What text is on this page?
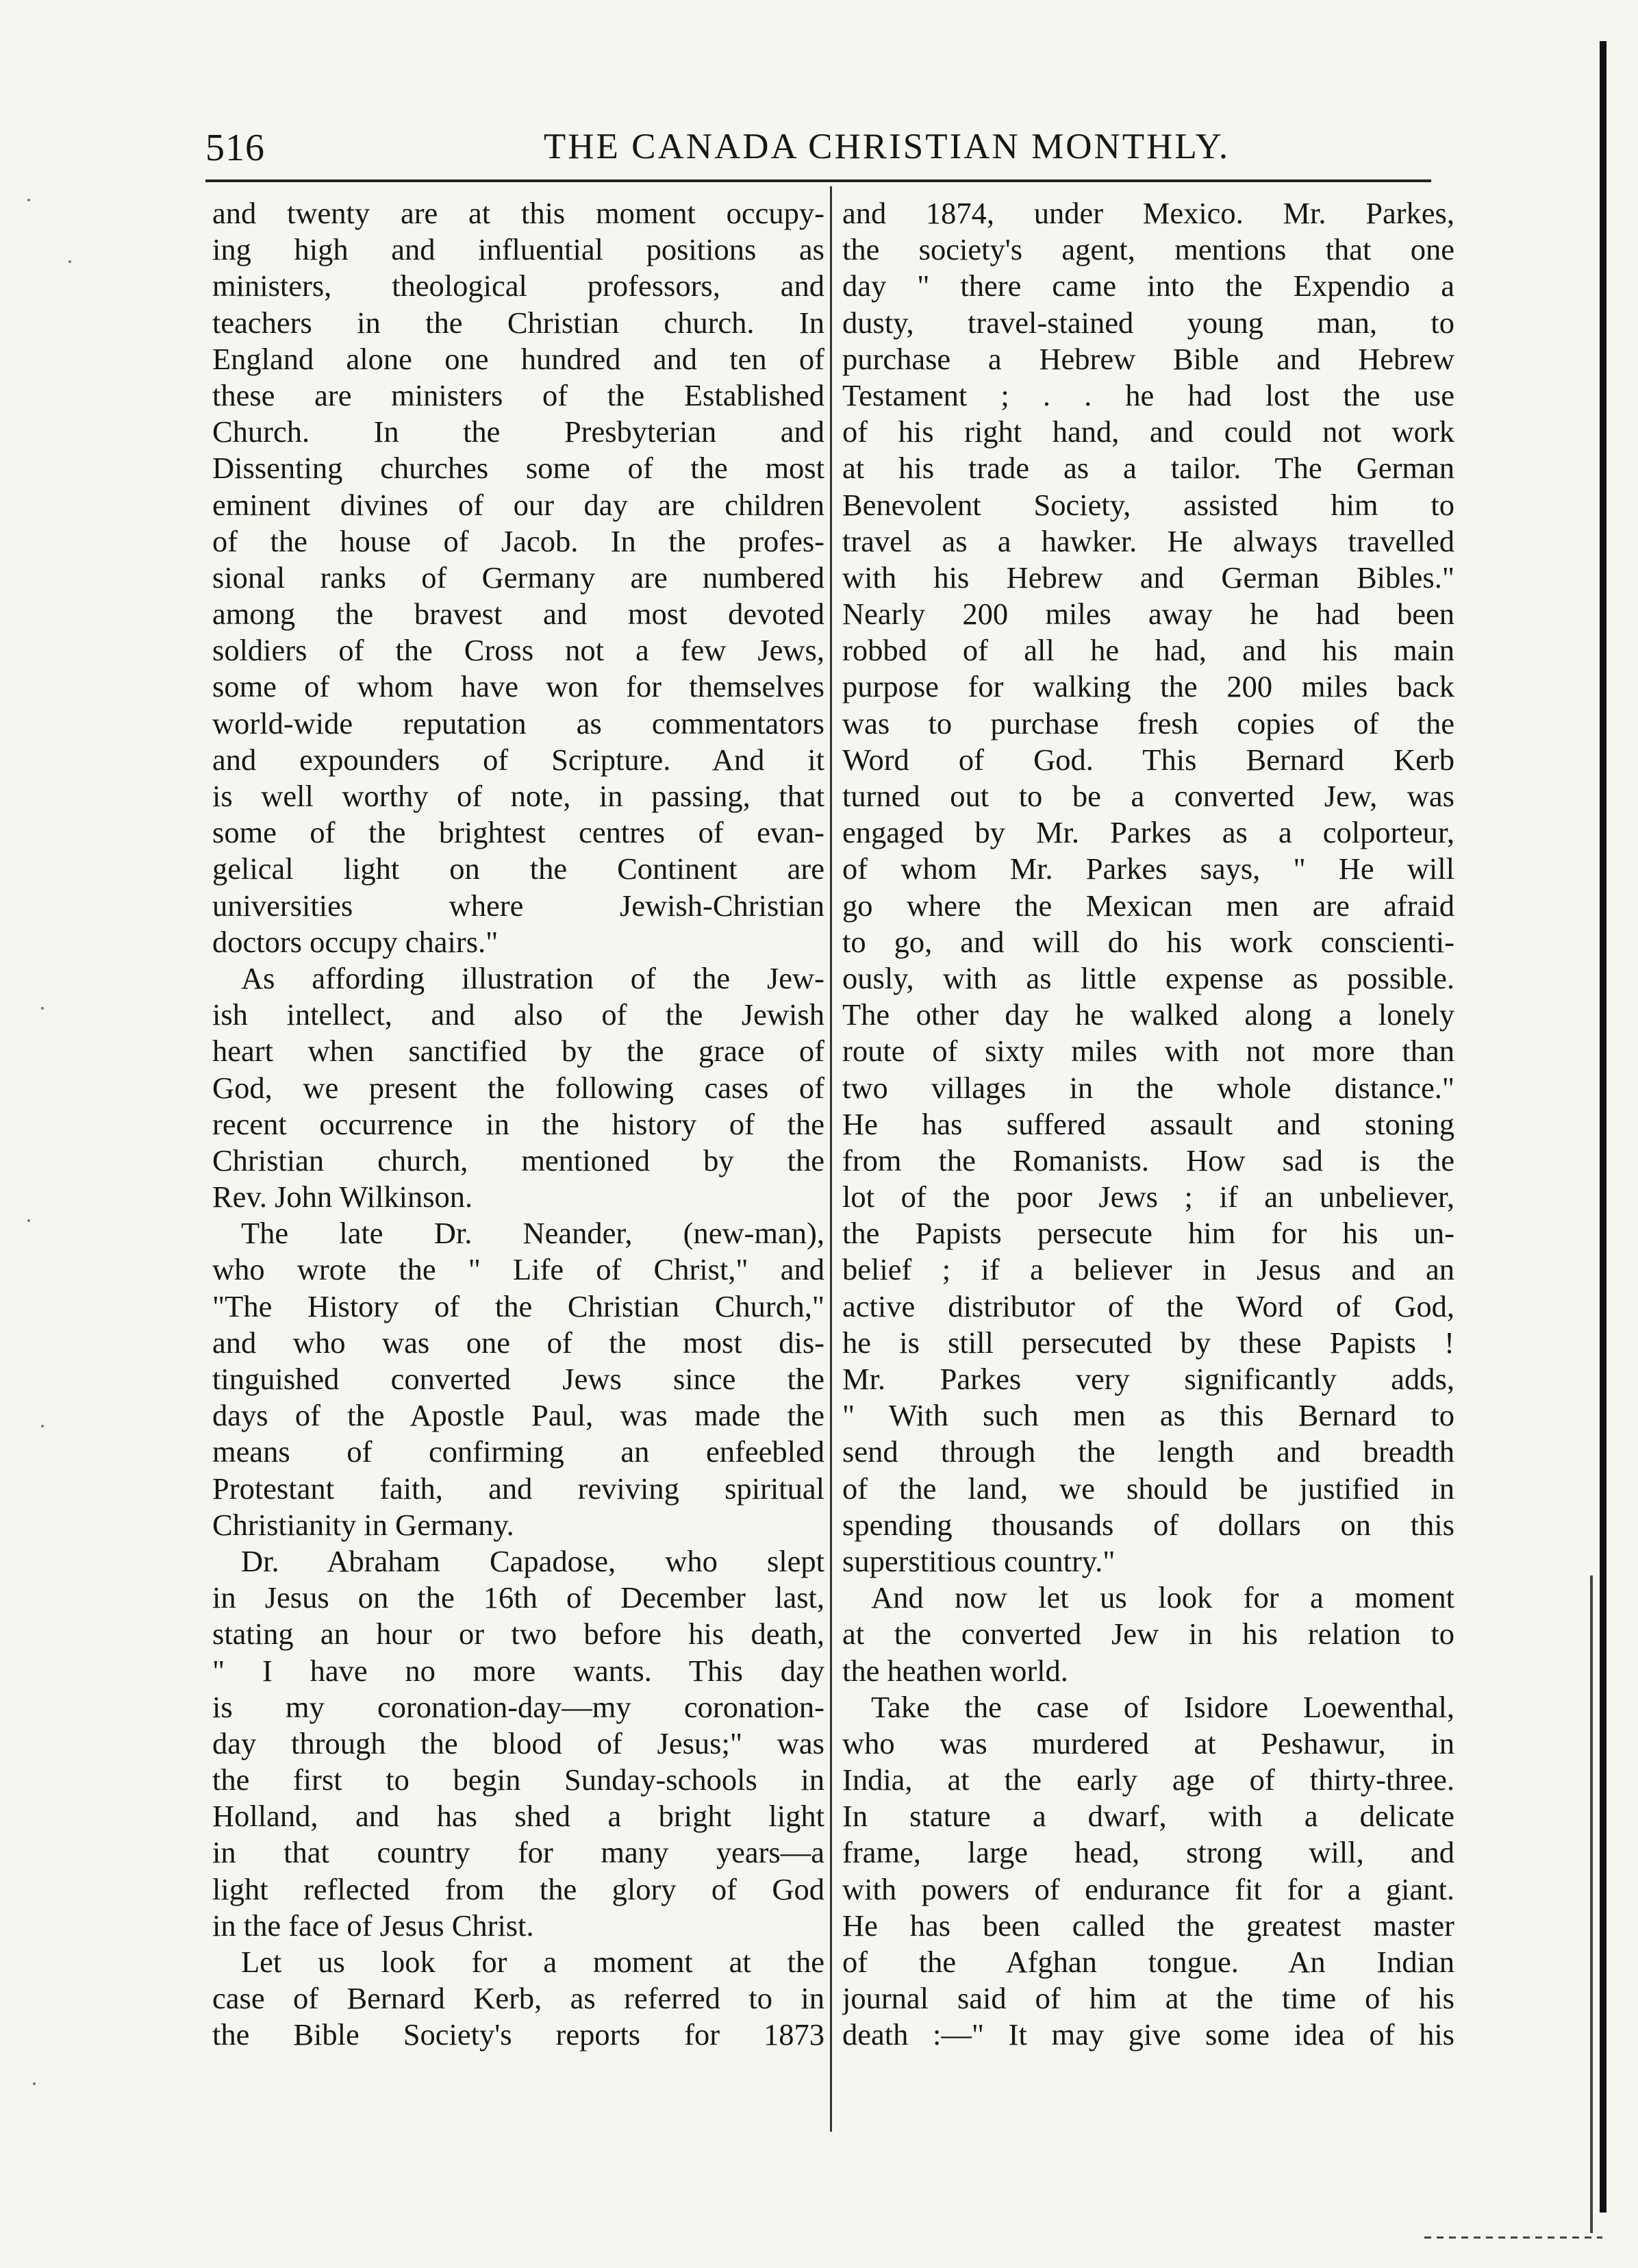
516	THE CANADA CHRISTIAN MONTHLY.
and twenty are at this moment occupy-
ing high and influential positions as
ministers, theological professors, and
teachers in the Christian church. In
England alone one hundred and ten of
these are ministers of the Established
Church. In the Presbyterian and
Dissenting churches some of the most
eminent divines of our day are children
of the house of Jacob. In the profes-
sional ranks of Germany are numbered
among the bravest and most devoted
soldiers of the Cross not a few Jews,
some of whom have won for themselves
world-wide reputation as commentators
and expounders of Scripture. And it
is well worthy of note, in passing, that
some of the brightest centres of evan-
gelical light on the Continent are
universities where Jewish-Christian
doctors occupy chairs."
As affording illustration of the Jew-
ish intellect, and also of the Jewish
heart when sanctified by the grace of
God, we present the following cases of
recent occurrence in the history of the
Christian church, mentioned by the
Rev. John Wilkinson.
The late Dr. Neander, (new-man),
who wrote the " Life of Christ," and
"The History of the Christian Church,"
and who was one of the most dis-
tinguished converted Jews since the
days of the Apostle Paul, was made the
means of confirming an enfeebled
Protestant faith, and reviving spiritual
Christianity in Germany.
Dr. Abraham Capadose, who slept
in Jesus on the 16th of December last,
stating an hour or two before his death,
" I have no more wants. This day
is my coronation-day—my coronation-
day through the blood of Jesus;" was
the first to begin Sunday-schools in
Holland, and has shed a bright light
in that country for many years—a
light reflected from the glory of God
in the face of Jesus Christ.
Let us look for a moment at the
case of Bernard Kerb, as referred to in
the Bible Society's reports for 1873
and 1874, under Mexico. Mr. Parkes,
the society's agent, mentions that one
day " there came into the Expendio a
dusty, travel-stained young man, to
purchase a Hebrew Bible and Hebrew
Testament ; . . he had lost the use
of his right hand, and could not work
at his trade as a tailor. The German
Benevolent Society, assisted him to
travel as a hawker. He always travelled
with his Hebrew and German Bibles."
Nearly 200 miles away he had been
robbed of all he had, and his main
purpose for walking the 200 miles back
was to purchase fresh copies of the
Word of God. This Bernard Kerb
turned out to be a converted Jew, was
engaged by Mr. Parkes as a colporteur,
of whom Mr. Parkes says, " He will
go where the Mexican men are afraid
to go, and will do his work conscienti-
ously, with as little expense as possible.
The other day he walked along a lonely
route of sixty miles with not more than
two villages in the whole distance."
He has suffered assault and stoning
from the Romanists. How sad is the
lot of the poor Jews ; if an unbeliever,
the Papists persecute him for his un-
belief ; if a believer in Jesus and an
active distributor of the Word of God,
he is still persecuted by these Papists !
Mr. Parkes very significantly adds,
" With such men as this Bernard to
send through the length and breadth
of the land, we should be justified in
spending thousands of dollars on this
superstitious country."
And now let us look for a moment
at the converted Jew in his relation to
the heathen world.
Take the case of Isidore Loewenthal,
who was murdered at Peshawur, in
India, at the early age of thirty-three.
In stature a dwarf, with a delicate
frame, large head, strong will, and
with powers of endurance fit for a giant.
He has been called the greatest master
of the Afghan tongue. An Indian
journal said of him at the time of his
death :—" It may give some idea of his
